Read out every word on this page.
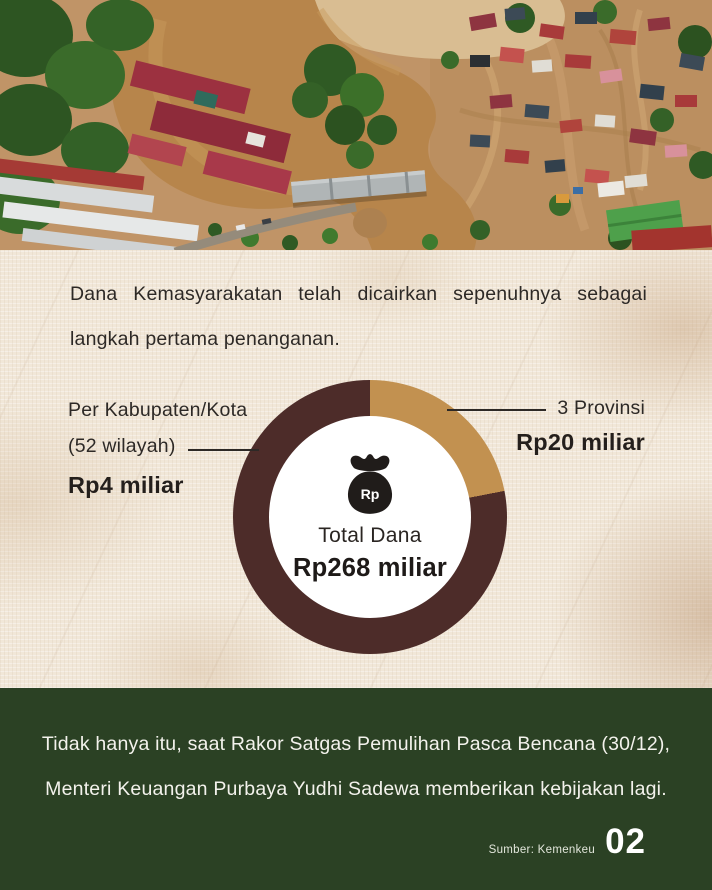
Dana Kemasyarakatan telah dicairkan sepenuhnya sebagai
langkah pertama penanganan.

Rp
Total Dana
Rp268 miliar
Per Kabupaten/Kota
(52 wilayah)
Rp4 miliar
3 Provinsi
Rp20 miliar

Tidak hanya itu, saat Rakor Satgas Pemulihan Pasca Bencana (30/12),
Menteri Keuangan Purbaya Yudhi Sadewa memberikan kebijakan lagi.

Sumber: Kemenkeu 02
